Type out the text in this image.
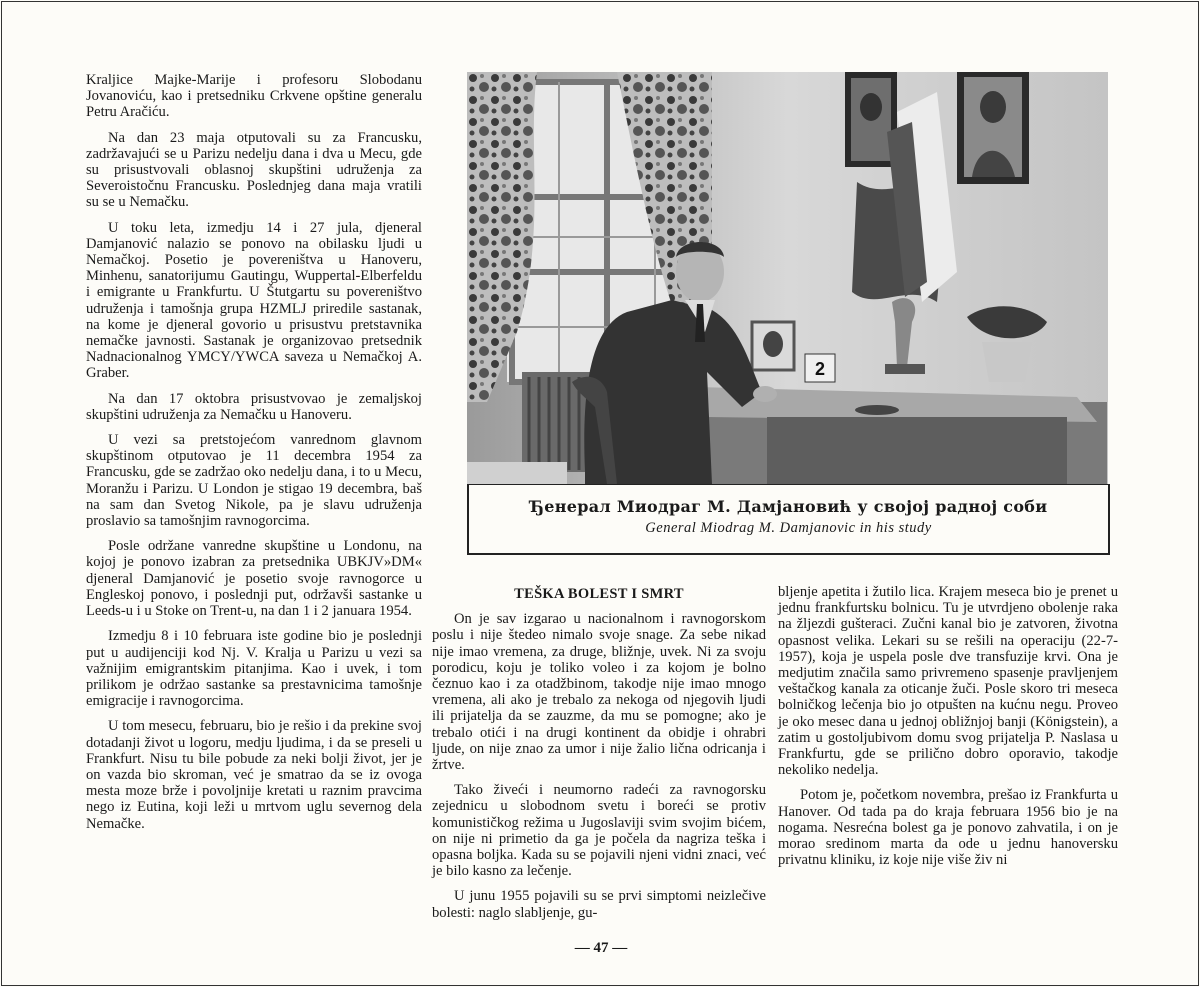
Kraljice Majke-Marije i profesoru Slobodanu Jovanoviću, kao i pretsedniku Crkvene opštine generalu Petru Aračiću.

Na dan 23 maja otputovali su za Francusku, zadržavajući se u Parizu nedelju dana i dva u Mecu, gde su prisustvovali oblasnoj skupštini udruženja za Severoistočnu Francusku. Poslednjeg dana maja vratili su se u Nemačku.

U toku leta, izmedju 14 i 27 jula, djeneral Damjanović nalazio se ponovo na obilasku ljudi u Nemačkoj. Posetio je povereništva u Hanoveru, Minhenu, sanatorijumu Gautingu, Wuppertal-Elberfeldu i emigrante u Frankfurtu. U Štutgartu su povereništvo udruženja i tamošnja grupa HZMLJ priredile sastanak, na kome je djeneral govorio u prisustvu pretstavnika nemačke javnosti. Sastanak je organizovao pretsednik Nadnacionalnog YMCY/YWCA saveza u Nemačkoj A. Graber.

Na dan 17 oktobra prisustvovao je zemaljskoj skupštini udruženja za Nemačku u Hanoveru.

U vezi sa pretstojećom vanrednom glavnom skupštinom otputovao je 11 decembra 1954 za Francusku, gde se zadržao oko nedelju dana, i to u Mecu, Moranžu i Parizu. U London je stigao 19 decembra, baš na sam dan Svetog Nikole, pa je slavu udruženja proslavio sa tamošnjim ravnogorcima.

Posle održane vanredne skupštine u Londonu, na kojoj je ponovo izabran za pretsednika UBKJV»DM« djeneral Damjanović je posetio svoje ravnogorce u Engleskoj ponovo, i poslednji put, održavši sastanke u Leeds-u i u Stoke on Trent-u, na dan 1 i 2 januara 1954.

Izmedju 8 i 10 februara iste godine bio je poslednji put u audijenciji kod Nj. V. Kralja u Parizu u vezi sa važnijim emigrantskim pitanjima. Kao i uvek, i tom prilikom je održao sastanke sa prestavnicima tamošnje emigracije i ravnogorcima.

U tom mesecu, februaru, bio je rešio i da prekine svoj dotadanji život u logoru, medju ljudima, i da se preseli u Frankfurt. Nisu tu bile pobude za neki bolji život, jer je on vazda bio skroman, već je smatrao da se iz ovoga mesta moze brže i povoljnije kretati u raznim pravcima nego iz Eutina, koji leži u mrtvom uglu severnog dela Nemačke.

2
Ђенерал Миодраг М. Дамјановић у својој радној соби
General Miodrag M. Damjanovic in his study

TEŠKA BOLEST I SMRT

On je sav izgarao u nacionalnom i ravnogorskom poslu i nije štedeo nimalo svoje snage. Za sebe nikad nije imao vremena, za druge, bližnje, uvek. Ni za svoju porodicu, koju je toliko voleo i za kojom je bolno čeznuo kao i za otadžbinom, takodje nije imao mnogo vremena, ali ako je trebalo za nekoga od njegovih ljudi ili prijatelja da se zauzme, da mu se pomogne; ako je trebalo otići i na drugi kontinent da obidje i ohrabri ljude, on nije znao za umor i nije žalio lična odricanja i žrtve.

Tako živeći i neumorno radeći za ravnogorsku zejednicu u slobodnom svetu i boreći se protiv komunističkog režima u Jugoslaviji svim svojim bićem, on nije ni primetio da ga je počela da nagriza teška i opasna boljka. Kada su se pojavili njeni vidni znaci, već je bilo kasno za lečenje.

U junu 1955 pojavili su se prvi simptomi neizlečive bolesti: naglo slabljenje, gu-

bljenje apetita i žutilo lica. Krajem meseca bio je prenet u jednu frankfurtsku bolnicu. Tu je utvrdjeno obolenje raka na žljezdi gušteraci. Zučni kanal bio je zatvoren, životna opasnost velika. Lekari su se rešili na operaciju (22-7-1957), koja je uspela posle dve transfuzije krvi. Ona je medjutim značila samo privremeno spasenje pravljenjem veštačkog kanala za oticanje žuči. Posle skoro tri meseca bolničkog lečenja bio jo otpušten na kućnu negu. Proveo je oko mesec dana u jednoj obližnjoj banji (Königstein), a zatim u gostoljubivom domu svog prijatelja P. Naslasa u Frankfurtu, gde se prilično dobro oporavio, takodje nekoliko nedelja.

Potom je, početkom novembra, prešao iz Frankfurta u Hanover. Od tada pa do kraja februara 1956 bio je na nogama. Nesrećna bolest ga je ponovo zahvatila, i on je morao sredinom marta da ode u jednu hanoversku privatnu kliniku, iz koje nije više živ ni

— 47 —
